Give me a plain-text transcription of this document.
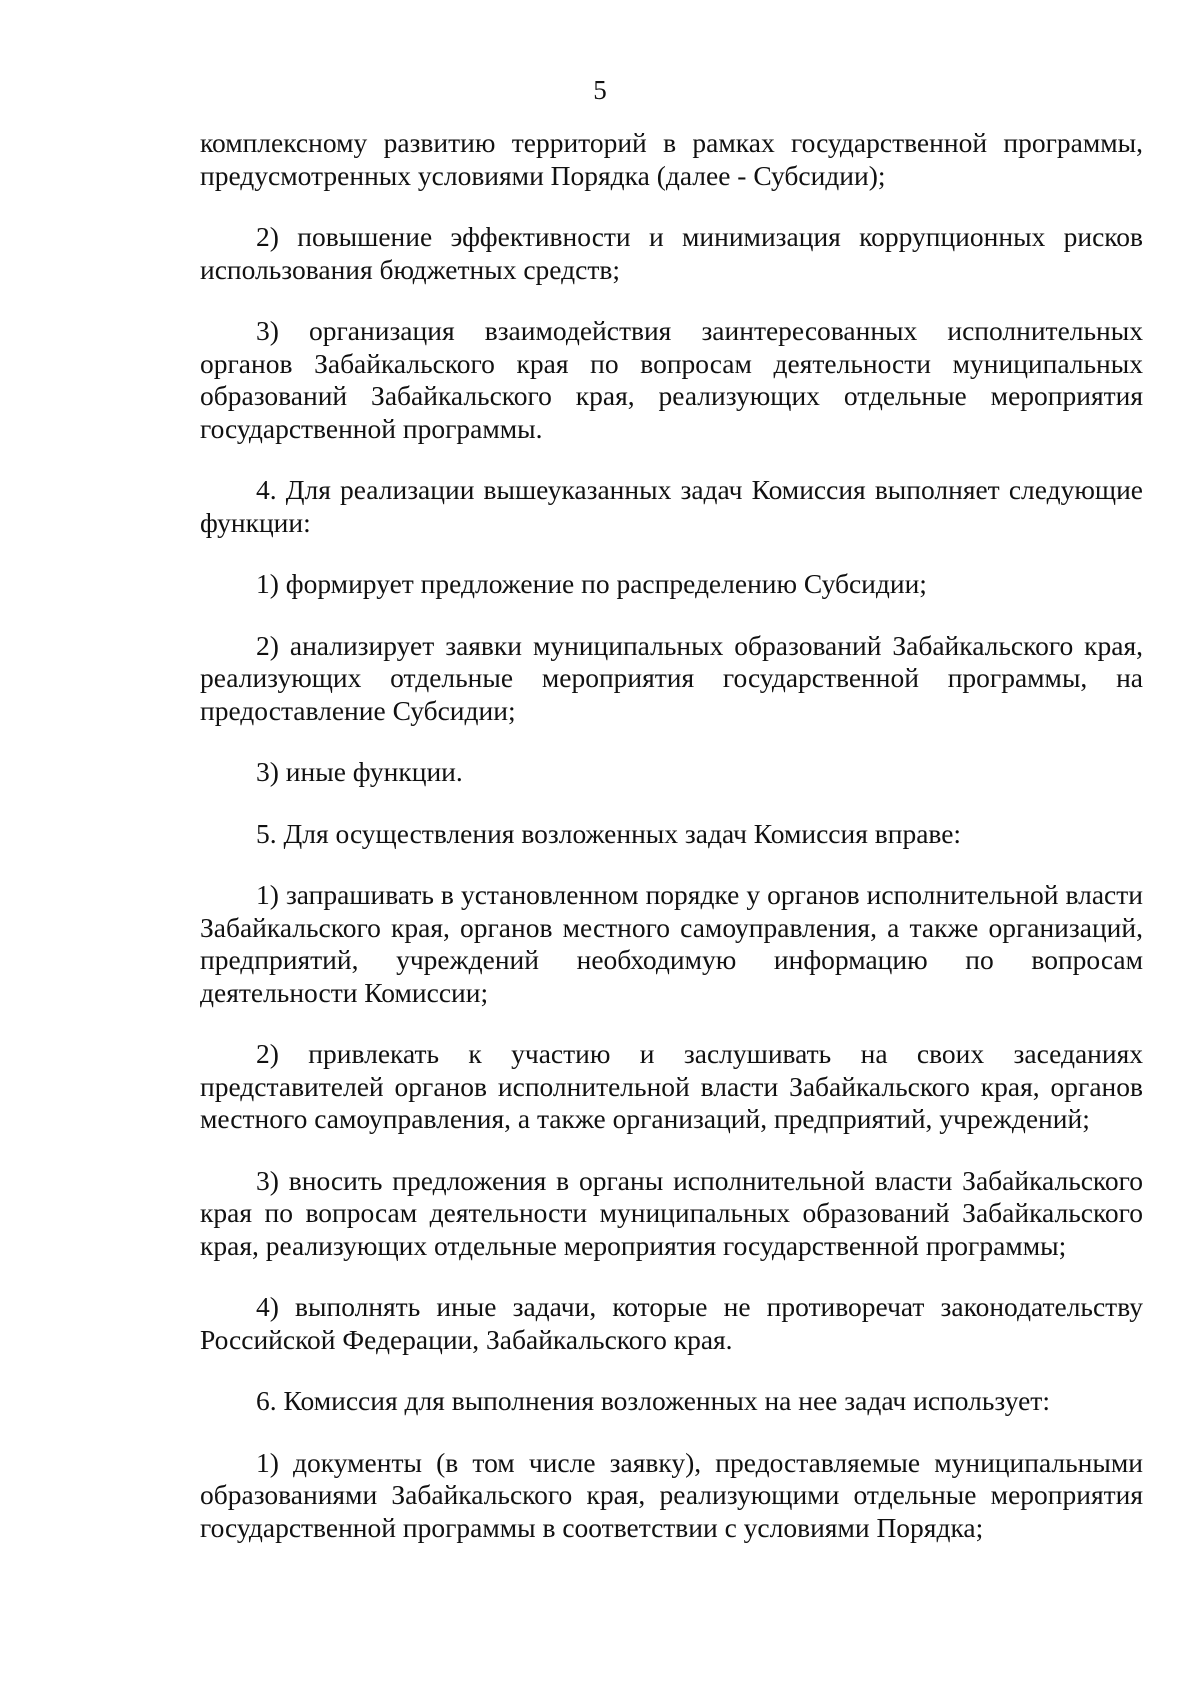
5

комплексному развитию территорий в рамках государственной программы, предусмотренных условиями Порядка (далее - Субсидии);

2) повышение эффективности и минимизация коррупционных рисков использования бюджетных средств;

3) организация взаимодействия заинтересованных исполнительных органов Забайкальского края по вопросам деятельности муниципальных образований Забайкальского края, реализующих отдельные мероприятия государственной программы.

4. Для реализации вышеуказанных задач Комиссия выполняет следующие функции:

1) формирует предложение по распределению Субсидии;

2) анализирует заявки муниципальных образований Забайкальского края, реализующих отдельные мероприятия государственной программы, на предоставление Субсидии;

3) иные функции.

5. Для осуществления возложенных задач Комиссия вправе:

1) запрашивать в установленном порядке у органов исполнительной власти Забайкальского края, органов местного самоуправления, а также организаций, предприятий, учреждений необходимую информацию по вопросам деятельности Комиссии;

2) привлекать к участию и заслушивать на своих заседаниях представителей органов исполнительной власти Забайкальского края, органов местного самоуправления, а также организаций, предприятий, учреждений;

3) вносить предложения в органы исполнительной власти Забайкальского края по вопросам деятельности муниципальных образований Забайкальского края, реализующих отдельные мероприятия государственной программы;

4) выполнять иные задачи, которые не противоречат законодательству Российской Федерации, Забайкальского края.

6. Комиссия для выполнения возложенных на нее задач использует:

1) документы (в том числе заявку), предоставляемые муниципальными образованиями Забайкальского края, реализующими отдельные мероприятия государственной программы в соответствии с условиями Порядка;
